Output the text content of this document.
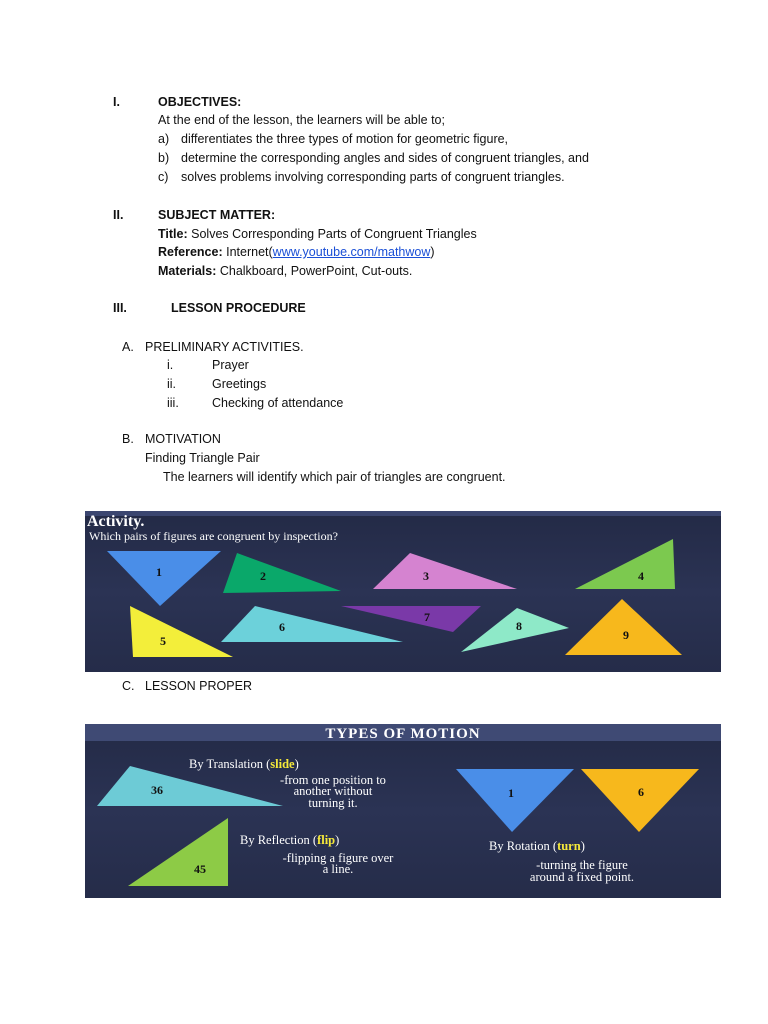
I.	OBJECTIVES:
At the end of the lesson, the learners will be able to;
a) differentiates the three types of motion for geometric figure,
b) determine the corresponding angles and sides of congruent triangles, and
c) solves problems involving corresponding parts of congruent triangles.
II.	SUBJECT MATTER:
Title: Solves Corresponding Parts of Congruent Triangles
Reference: Internet(www.youtube.com/mathwow)
Materials: Chalkboard, PowerPoint, Cut-outs.
III.	LESSON PROCEDURE
A. PRELIMINARY ACTIVITIES.
i.	Prayer
ii.	Greetings
iii.	Checking of attendance
B. MOTIVATION
Finding Triangle Pair
The learners will identify which pair of triangles are congruent.
1	2	3	4
5
6
7
8
9
Activity.
Which pairs of figures are congruent by inspection?
C. LESSON PROPER
TYPES OF MOTION
36
By Translation (slide)
-from one position to
another without
turning it.
45
By Reflection (flip)
-flipping a figure over
a line.
1	6
By Rotation (turn)
-turning the figure
around a fixed point.
